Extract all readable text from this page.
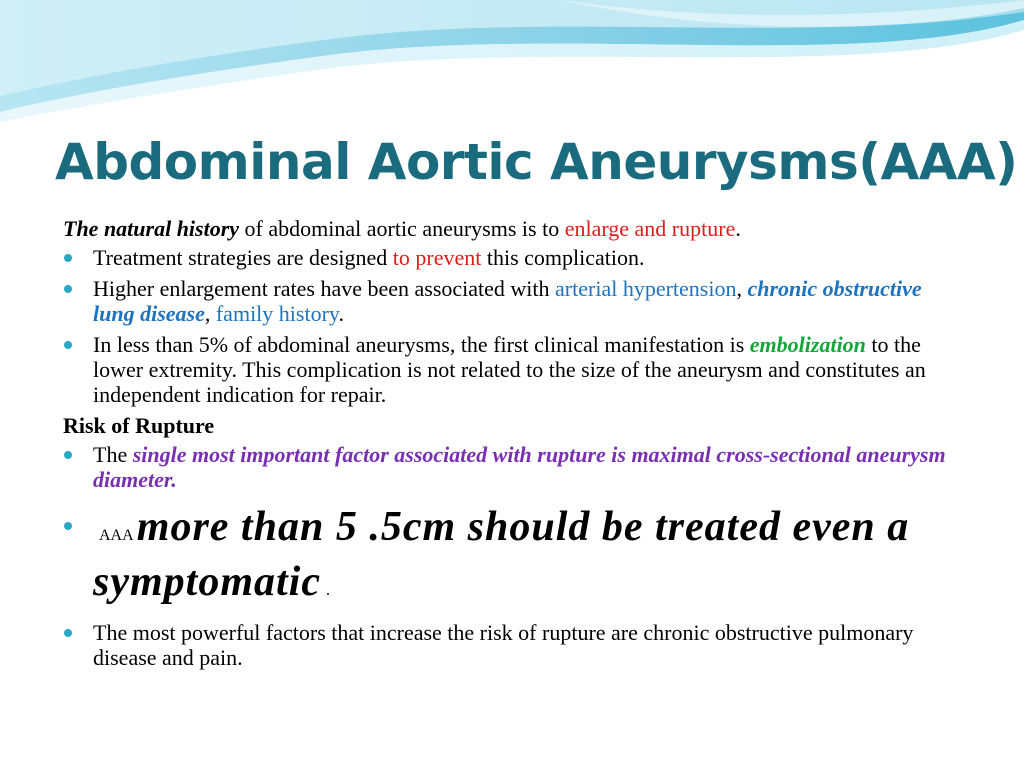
Abdominal Aortic Aneurysms(AAA)

The natural history of abdominal aortic aneurysms is to enlarge and rupture.

Treatment strategies are designed to prevent this complication.
Higher enlargement rates have been associated with arterial hypertension, chronic obstructive lung disease, family history.
In less than 5% of abdominal aneurysms, the first clinical manifestation is embolization to the lower extremity. This complication is not related to the size of the aneurysm and constitutes an independent indication for repair.

Risk of Rupture

The single most important factor associated with rupture is maximal cross-sectional aneurysm diameter.
AAA more than 5 .5cm should be treated even a symptomatic .
The most powerful factors that increase the risk of rupture are chronic obstructive pulmonary disease and pain.
